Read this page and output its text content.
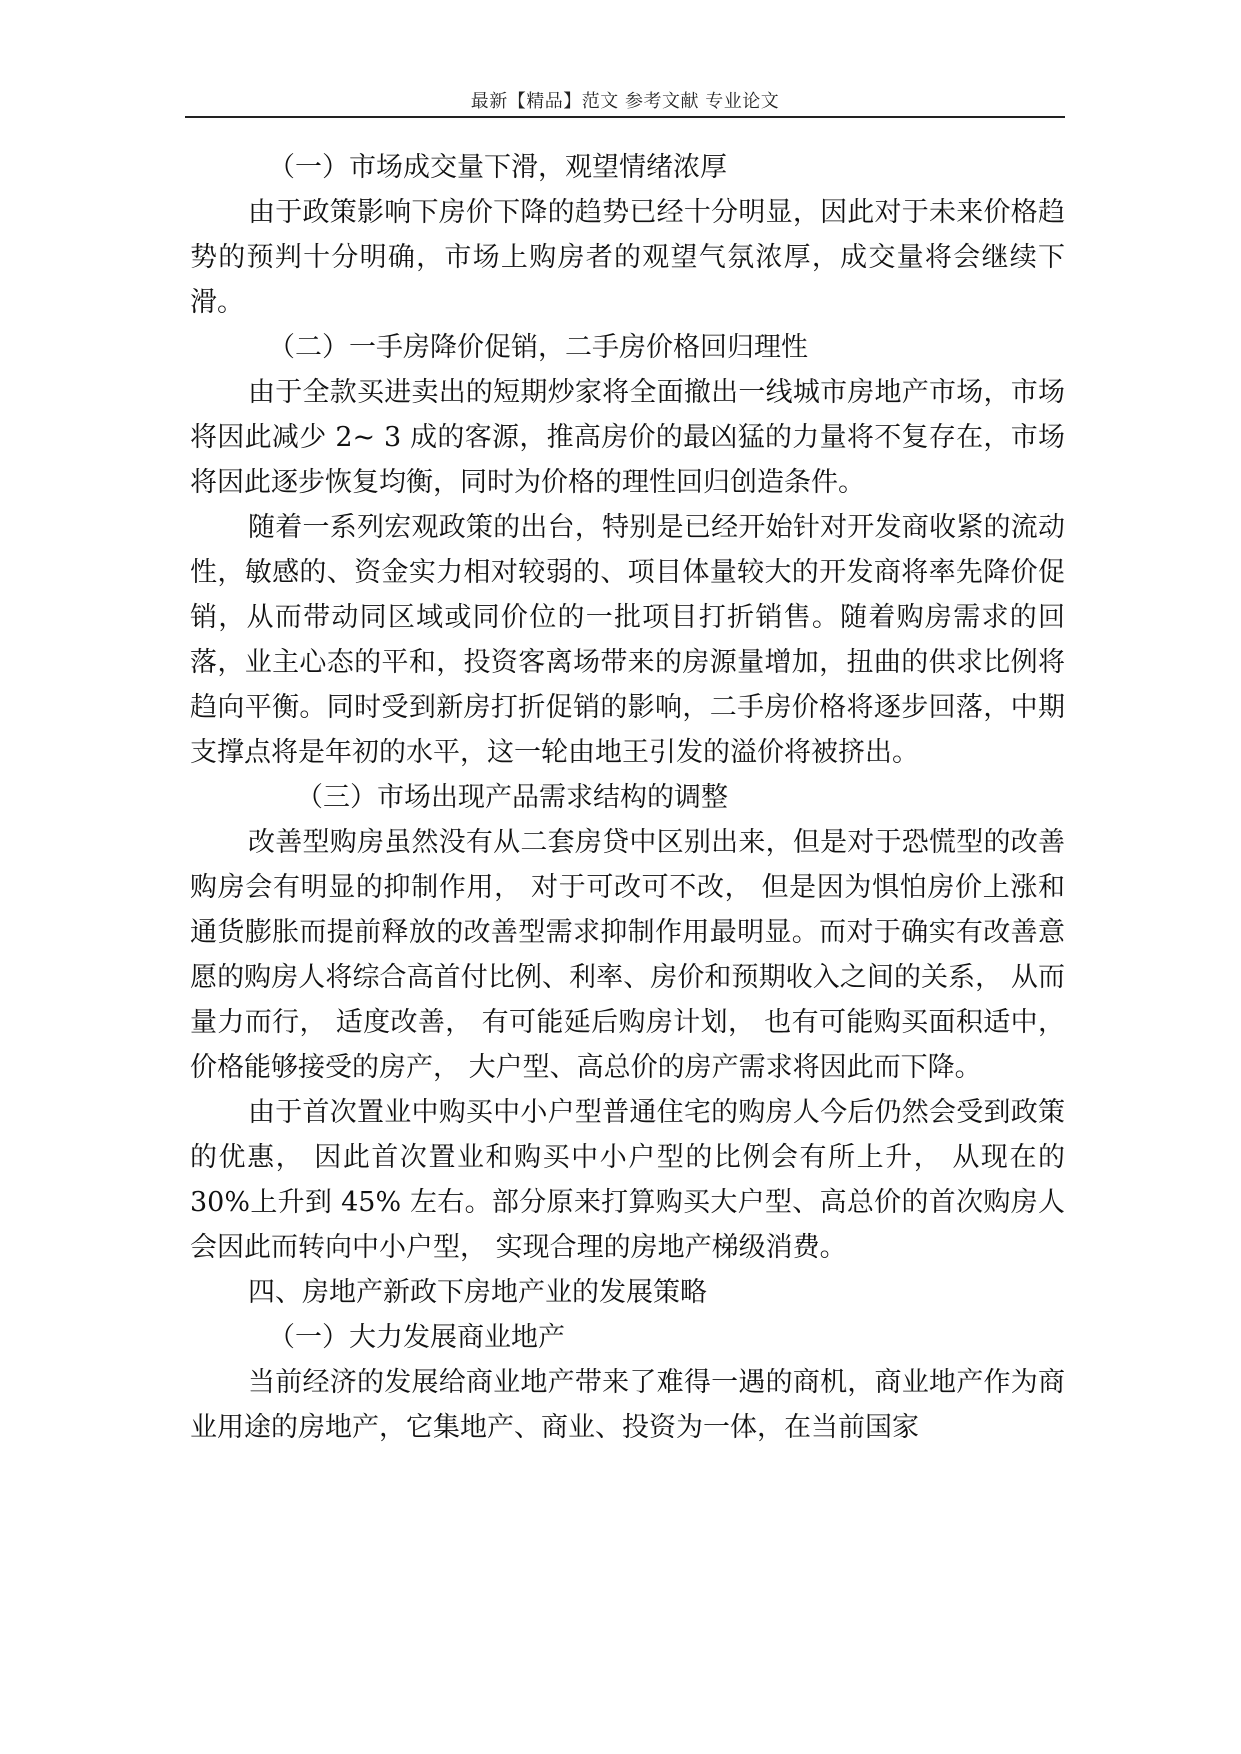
最新【精品】范文 参考文献 专业论文

（一）市场成交量下滑，观望情绪浓厚

由于政策影响下房价下降的趋势已经十分明显，因此对于未来价格趋势的预判十分明确，市场上购房者的观望气氛浓厚，成交量将会继续下滑。

（二）一手房降价促销，二手房价格回归理性

由于全款买进卖出的短期炒家将全面撤出一线城市房地产市场，市场将因此减少 2~ 3 成的客源，推高房价的最凶猛的力量将不复存在，市场将因此逐步恢复均衡，同时为价格的理性回归创造条件。

随着一系列宏观政策的出台，特别是已经开始针对开发商收紧的流动性，敏感的、资金实力相对较弱的、项目体量较大的开发商将率先降价促销，从而带动同区域或同价位的一批项目打折销售。随着购房需求的回落，业主心态的平和，投资客离场带来的房源量增加，扭曲的供求比例将趋向平衡。同时受到新房打折促销的影响，二手房价格将逐步回落，中期支撑点将是年初的水平，这一轮由地王引发的溢价将被挤出。

（三）市场出现产品需求结构的调整

改善型购房虽然没有从二套房贷中区别出来，但是对于恐慌型的改善购房会有明显的抑制作用， 对于可改可不改， 但是因为惧怕房价上涨和通货膨胀而提前释放的改善型需求抑制作用最明显。而对于确实有改善意愿的购房人将综合高首付比例、利率、房价和预期收入之间的关系， 从而量力而行， 适度改善， 有可能延后购房计划， 也有可能购买面积适中， 价格能够接受的房产， 大户型、高总价的房产需求将因此而下降。

由于首次置业中购买中小户型普通住宅的购房人今后仍然会受到政策的优惠， 因此首次置业和购买中小户型的比例会有所上升， 从现在的 30%上升到 45% 左右。部分原来打算购买大户型、高总价的首次购房人会因此而转向中小户型， 实现合理的房地产梯级消费。

四、房地产新政下房地产业的发展策略

（一）大力发展商业地产

当前经济的发展给商业地产带来了难得一遇的商机，商业地产作为商业用途的房地产，它集地产、商业、投资为一体，在当前国家
